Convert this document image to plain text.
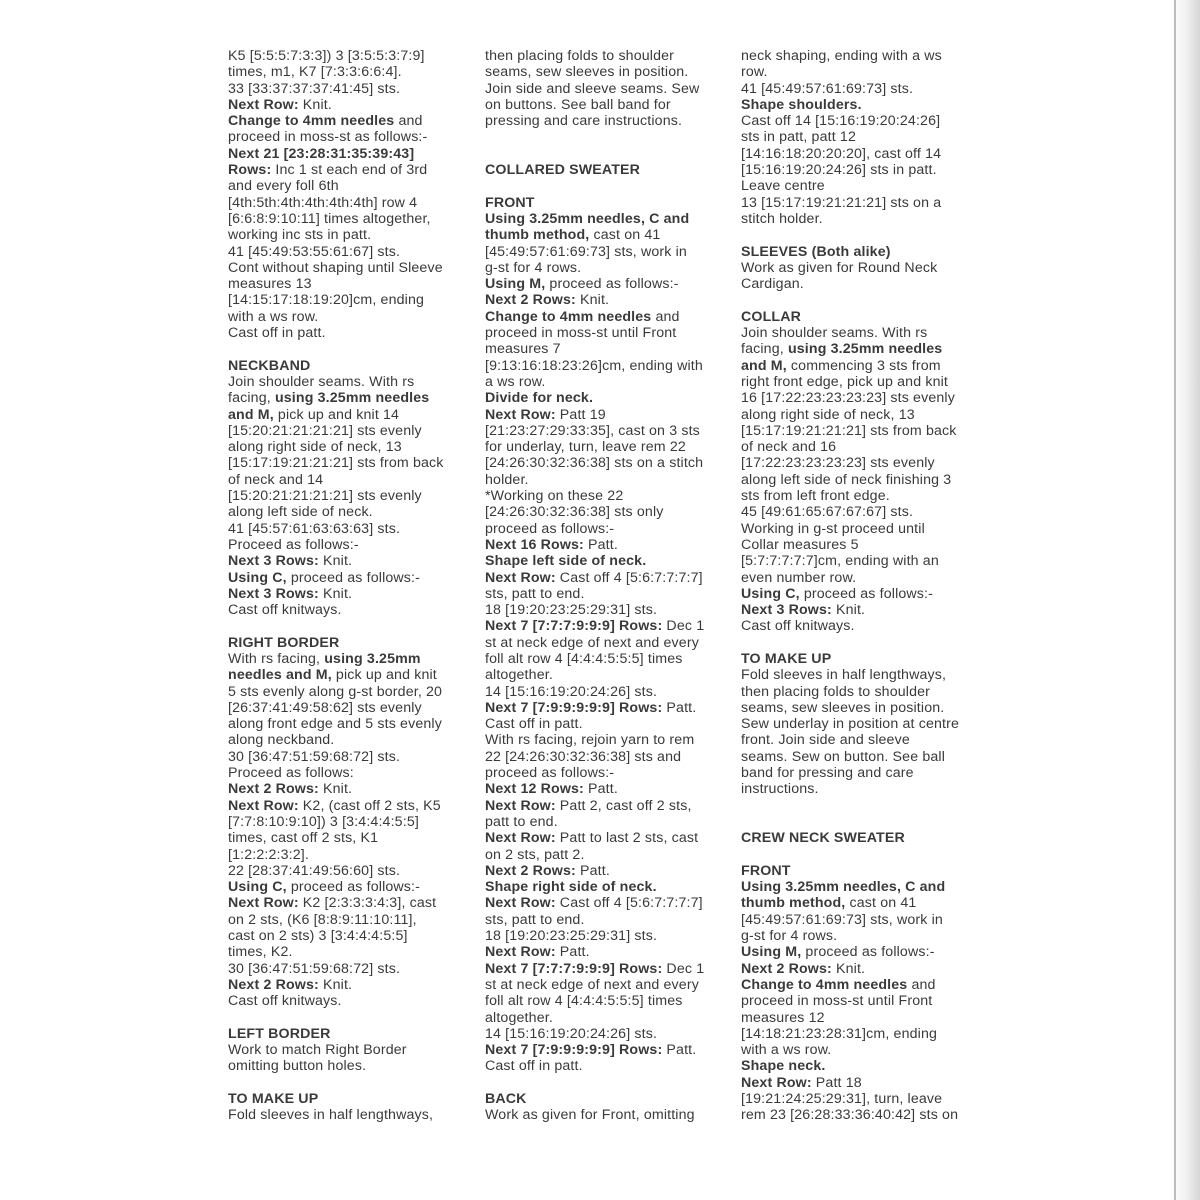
K5 [5:5:5:7:3:3]) 3 [3:5:5:3:7:9]
times, m1, K7 [7:3:3:6:6:4].
33 [33:37:37:37:41:45] sts.
Next Row: Knit.
Change to 4mm needles and
proceed in moss-st as follows:-
Next 21 [23:28:31:35:39:43]
Rows: Inc 1 st each end of 3rd
and every foll 6th
[4th:5th:4th:4th:4th:4th] row 4
[6:6:8:9:10:11] times altogether,
working inc sts in patt.
41 [45:49:53:55:61:67] sts.
Cont without shaping until Sleeve
measures 13
[14:15:17:18:19:20]cm, ending
with a ws row.
Cast off in patt.
NECKBAND
Join shoulder seams. With rs
facing, using 3.25mm needles
and M, pick up and knit 14
[15:20:21:21:21:21] sts evenly
along right side of neck, 13
[15:17:19:21:21:21] sts from back
of neck and 14
[15:20:21:21:21:21] sts evenly
along left side of neck.
41 [45:57:61:63:63:63] sts.
Proceed as follows:-
Next 3 Rows: Knit.
Using C, proceed as follows:-
Next 3 Rows: Knit.
Cast off knitways.
RIGHT BORDER
With rs facing, using 3.25mm
needles and M, pick up and knit
5 sts evenly along g-st border, 20
[26:37:41:49:58:62] sts evenly
along front edge and 5 sts evenly
along neckband.
30 [36:47:51:59:68:72] sts.
Proceed as follows:
Next 2 Rows: Knit.
Next Row: K2, (cast off 2 sts, K5
[7:7:8:10:9:10]) 3 [3:4:4:4:5:5]
times, cast off 2 sts, K1
[1:2:2:2:3:2].
22 [28:37:41:49:56:60] sts.
Using C, proceed as follows:-
Next Row: K2 [2:3:3:3:4:3], cast
on 2 sts, (K6 [8:8:9:11:10:11],
cast on 2 sts) 3 [3:4:4:4:5:5]
times, K2.
30 [36:47:51:59:68:72] sts.
Next 2 Rows: Knit.
Cast off knitways.
LEFT BORDER
Work to match Right Border
omitting button holes.
TO MAKE UP
Fold sleeves in half lengthways,
then placing folds to shoulder
seams, sew sleeves in position.
Join side and sleeve seams. Sew
on buttons. See ball band for
pressing and care instructions.
COLLARED SWEATER
FRONT
Using 3.25mm needles, C and
thumb method, cast on 41
[45:49:57:61:69:73] sts, work in
g-st for 4 rows.
Using M, proceed as follows:-
Next 2 Rows: Knit.
Change to 4mm needles and
proceed in moss-st until Front
measures 7
[9:13:16:18:23:26]cm, ending with
a ws row.
Divide for neck.
Next Row: Patt 19
[21:23:27:29:33:35], cast on 3 sts
for underlay, turn, leave rem 22
[24:26:30:32:36:38] sts on a stitch
holder.
*Working on these 22
[24:26:30:32:36:38] sts only
proceed as follows:-
Next 16 Rows: Patt.
Shape left side of neck.
Next Row: Cast off 4 [5:6:7:7:7:7]
sts, patt to end.
18 [19:20:23:25:29:31] sts.
Next 7 [7:7:7:9:9:9] Rows: Dec 1
st at neck edge of next and every
foll alt row 4 [4:4:4:5:5:5] times
altogether.
14 [15:16:19:20:24:26] sts.
Next 7 [7:9:9:9:9:9] Rows: Patt.
Cast off in patt.
With rs facing, rejoin yarn to rem
22 [24:26:30:32:36:38] sts and
proceed as follows:-
Next 12 Rows: Patt.
Next Row: Patt 2, cast off 2 sts,
patt to end.
Next Row: Patt to last 2 sts, cast
on 2 sts, patt 2.
Next 2 Rows: Patt.
Shape right side of neck.
Next Row: Cast off 4 [5:6:7:7:7:7]
sts, patt to end.
18 [19:20:23:25:29:31] sts.
Next Row: Patt.
Next 7 [7:7:7:9:9:9] Rows: Dec 1
st at neck edge of next and every
foll alt row 4 [4:4:4:5:5:5] times
altogether.
14 [15:16:19:20:24:26] sts.
Next 7 [7:9:9:9:9:9] Rows: Patt.
Cast off in patt.
BACK
Work as given for Front, omitting
neck shaping, ending with a ws
row.
41 [45:49:57:61:69:73] sts.
Shape shoulders.
Cast off 14 [15:16:19:20:24:26]
sts in patt, patt 12
[14:16:18:20:20:20], cast off 14
[15:16:19:20:24:26] sts in patt.
Leave centre
13 [15:17:19:21:21:21] sts on a
stitch holder.
SLEEVES (Both alike)
Work as given for Round Neck
Cardigan.
COLLAR
Join shoulder seams. With rs
facing, using 3.25mm needles
and M, commencing 3 sts from
right front edge, pick up and knit
16 [17:22:23:23:23:23] sts evenly
along right side of neck, 13
[15:17:19:21:21:21] sts from back
of neck and 16
[17:22:23:23:23:23] sts evenly
along left side of neck finishing 3
sts from left front edge.
45 [49:61:65:67:67:67] sts.
Working in g-st proceed until
Collar measures 5
[5:7:7:7:7:7]cm, ending with an
even number row.
Using C, proceed as follows:-
Next 3 Rows: Knit.
Cast off knitways.
TO MAKE UP
Fold sleeves in half lengthways,
then placing folds to shoulder
seams, sew sleeves in position.
Sew underlay in position at centre
front. Join side and sleeve
seams. Sew on button. See ball
band for pressing and care
instructions.
CREW NECK SWEATER
FRONT
Using 3.25mm needles, C and
thumb method, cast on 41
[45:49:57:61:69:73] sts, work in
g-st for 4 rows.
Using M, proceed as follows:-
Next 2 Rows: Knit.
Change to 4mm needles and
proceed in moss-st until Front
measures 12
[14:18:21:23:28:31]cm, ending
with a ws row.
Shape neck.
Next Row: Patt 18
[19:21:24:25:29:31], turn, leave
rem 23 [26:28:33:36:40:42] sts on
